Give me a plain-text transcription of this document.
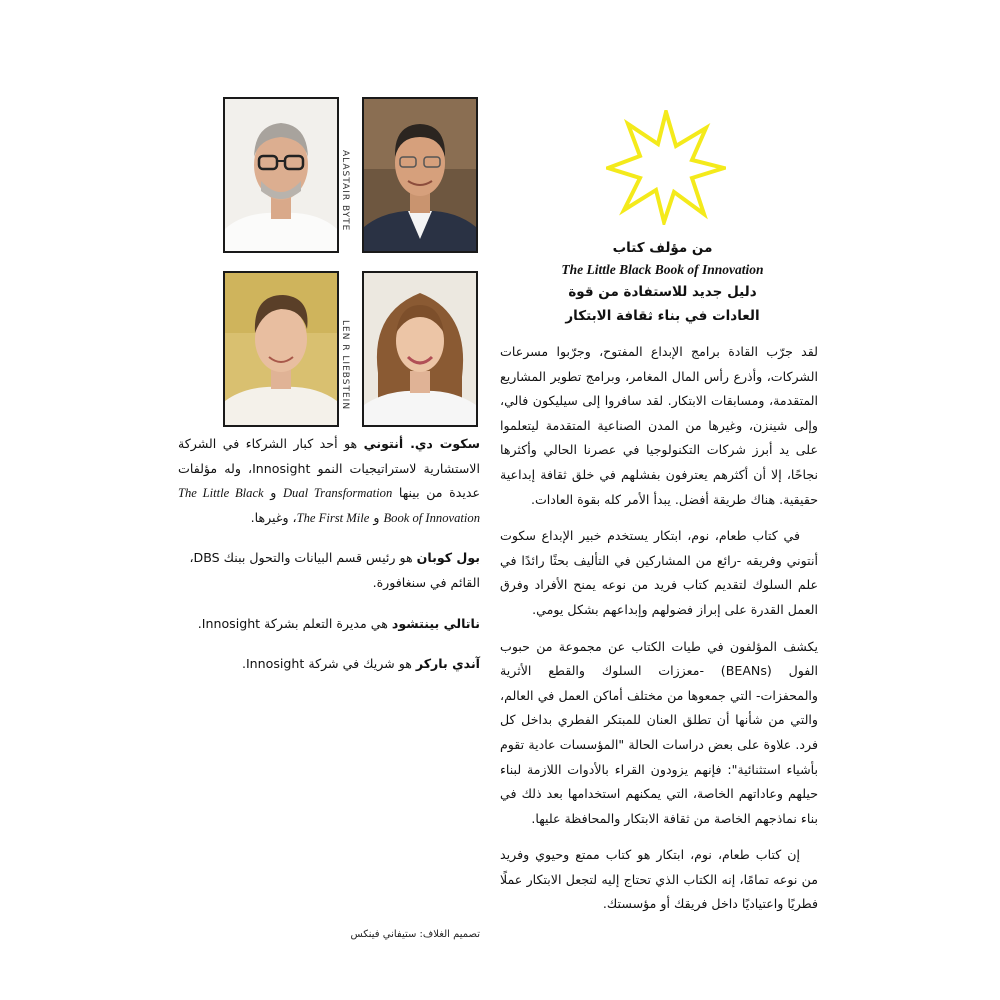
ALASTAIR BYTE
LEN R LIEBSTEIN
من مؤلف كتاب
The Little Black Book of Innovation
دليل جديد للاستفادة من قوة
العادات في بناء ثقافة الابتكار

لقد جرّب القادة برامج الإبداع المفتوح، وجرّبوا مسرعات الشركات، وأذرع رأس المال المغامر، وبرامج تطوير المشاريع المتقدمة، ومسابقات الابتكار. لقد سافروا إلى سيليكون فالي، وإلى شينزن، وغيرها من المدن الصناعية المتقدمة ليتعلموا على يد أبرز شركات التكنولوجيا في عصرنا الحالي وأكثرها نجاحًا، إلا أن أكثرهم يعترفون بفشلهم في خلق ثقافة إبداعية حقيقية. هناك طريقة أفضل. يبدأ الأمر كله بقوة العادات.

في كتاب طعام، نوم، ابتكار يستخدم خبير الإبداع سكوت أنتوني وفريقه -رائع من المشاركين في التأليف بحثًا رائدًا في علم السلوك لتقديم كتاب فريد من نوعه يمنح الأفراد وفرق العمل القدرة على إبراز فضولهم وإبداعهم بشكل يومي.

يكشف المؤلفون في طيات الكتاب عن مجموعة من حبوب الفول (BEANs) -معززات السلوك والقطع الأثرية والمحفزات- التي جمعوها من مختلف أماكن العمل في العالم، والتي من شأنها أن تطلق العنان للمبتكر الفطري بداخل كل فرد. علاوة على بعض دراسات الحالة "المؤسسات عادية تقوم بأشياء استثنائية": فإنهم يزودون القراء بالأدوات اللازمة لبناء حيلهم وعاداتهم الخاصة، التي يمكنهم استخدامها بعد ذلك في بناء نماذجهم الخاصة من ثقافة الابتكار والمحافظة عليها.

إن كتاب طعام، نوم، ابتكار هو كتاب ممتع وحيوي وفريد من نوعه تمامًا، إنه الكتاب الذي تحتاج إليه لتجعل الابتكار عملًا فطريًا واعتياديًا داخل فريقك أو مؤسستك.

سكوت دي. أنتوني هو أحد كبار الشركاء في الشركة الاستشارية لاستراتيجيات النمو Innosight، وله مؤلفات عديدة من بينها Dual Transformation و The Little Black Book of Innovation و The First Mile، وغيرها.

بول كوبان هو رئيس قسم البيانات والتحول ببنك DBS، القائم في سنغافورة.

ناتالي بينتشود هي مديرة التعلم بشركة Innosight.

آندي باركر هو شريك في شركة Innosight.

تصميم الغلاف: ستيفاني فينكس
